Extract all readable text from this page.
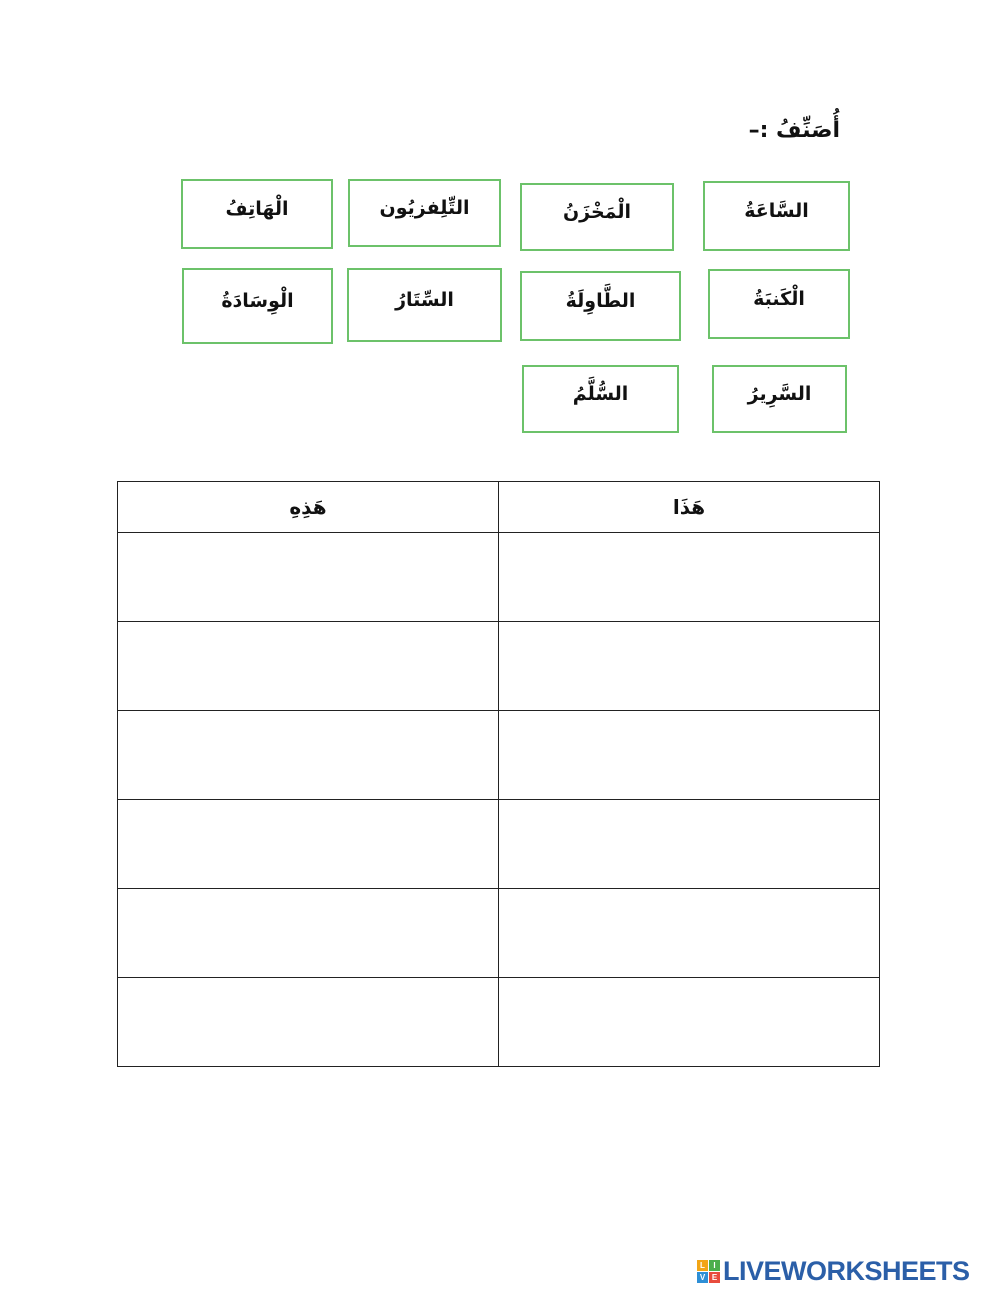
أُصَنِّفُ :–
السَّاعَةُ
الْمَخْزَنُ
التِّلِفزيُون
الْهَاتِفُ
الْكَنبَةُ
الطَّاوِلَةُ
السِّتَارُ
الْوِسَادَةُ
السَّرِيرُ
السُّلَّمُ
هَذِهِ	هَذَا

L	I
V E LIVEWORKSHEETS
